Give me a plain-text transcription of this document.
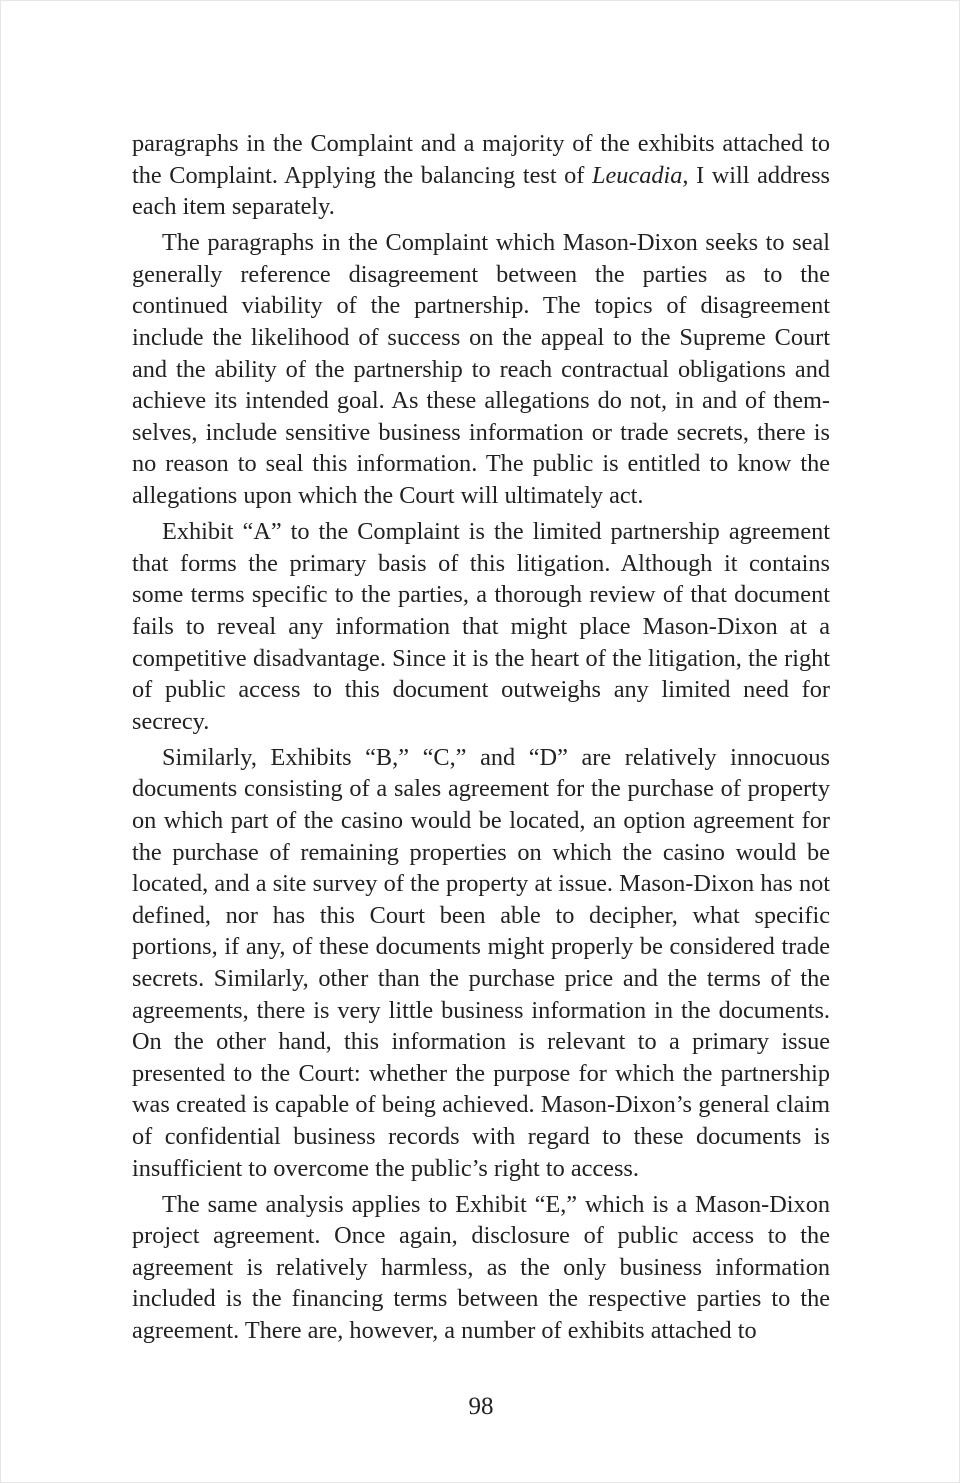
paragraphs in the Complaint and a majority of the exhibits attached to the Complaint. Applying the balancing test of Leucadia, I will address each item separately.

The paragraphs in the Complaint which Mason-Dixon seeks to seal generally reference disagreement between the parties as to the continued viability of the partnership. The topics of disagreement include the likelihood of success on the appeal to the Supreme Court and the ability of the partnership to reach contractual obligations and achieve its intended goal. As these allegations do not, in and of themselves, include sensitive business information or trade secrets, there is no reason to seal this information. The public is entitled to know the allegations upon which the Court will ultimately act.

Exhibit “A” to the Complaint is the limited partnership agreement that forms the primary basis of this litigation. Although it contains some terms specific to the parties, a thorough review of that document fails to reveal any information that might place Mason-Dixon at a competitive disadvantage. Since it is the heart of the litigation, the right of public access to this document outweighs any limited need for secrecy.

Similarly, Exhibits “B,” “C,” and “D” are relatively innocuous documents consisting of a sales agreement for the purchase of property on which part of the casino would be located, an option agreement for the purchase of remaining properties on which the casino would be located, and a site survey of the property at issue. Mason-Dixon has not defined, nor has this Court been able to decipher, what specific portions, if any, of these documents might properly be considered trade secrets. Similarly, other than the purchase price and the terms of the agreements, there is very little business information in the documents. On the other hand, this information is relevant to a primary issue presented to the Court: whether the purpose for which the partnership was created is capable of being achieved. Mason-Dixon’s general claim of confidential business records with regard to these documents is insufficient to overcome the public’s right to access.

The same analysis applies to Exhibit “E,” which is a Mason-Dixon project agreement. Once again, disclosure of public access to the agreement is relatively harmless, as the only business information included is the financing terms between the respective parties to the agreement. There are, however, a number of exhibits attached to

98
